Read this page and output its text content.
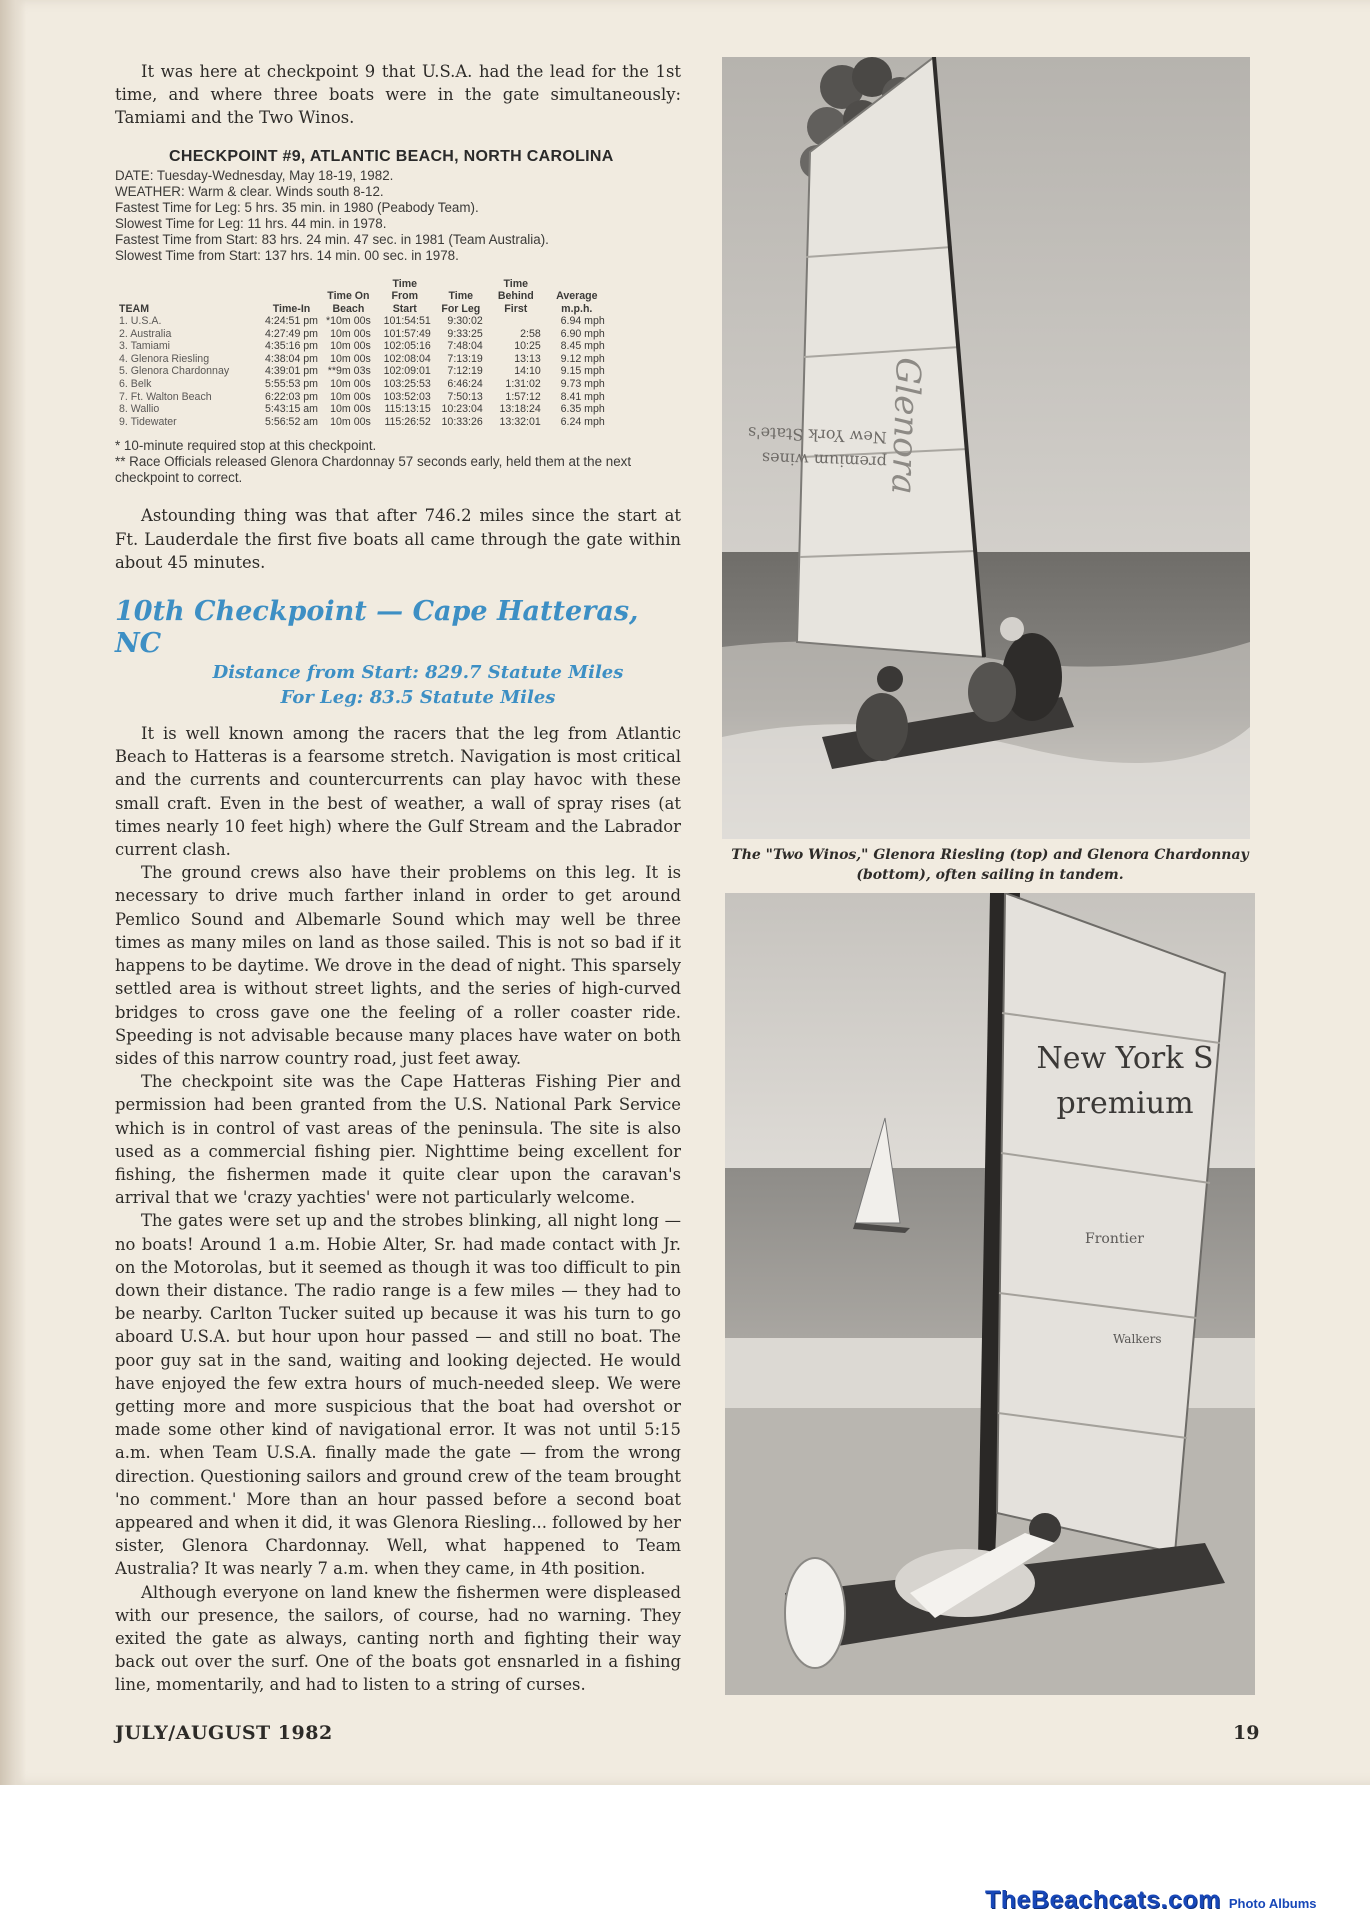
It was here at checkpoint 9 that U.S.A. had the lead for the 1st time, and where three boats were in the gate simultaneously: Tamiami and the Two Winos.

CHECKPOINT #9, ATLANTIC BEACH, NORTH CAROLINA
DATE: Tuesday-Wednesday, May 18-19, 1982.
WEATHER: Warm & clear. Winds south 8-12.
Fastest Time for Leg: 5 hrs. 35 min. in 1980 (Peabody Team).
Slowest Time for Leg: 11 hrs. 44 min. in 1978.
Fastest Time from Start: 83 hrs. 24 min. 47 sec. in 1981 (Team Australia).
Slowest Time from Start: 137 hrs. 14 min. 00 sec. in 1978.
TEAM	Time-In	Time On Beach	Time From Start	Time For Leg	Time Behind First	Average m.p.h.
1. U.S.A.	4:24:51 pm	*10m 00s	101:54:51	9:30:02		6.94 mph
2. Australia	4:27:49 pm	10m 00s	101:57:49	9:33:25	2:58	6.90 mph
3. Tamiami	4:35:16 pm	10m 00s	102:05:16	7:48:04	10:25	8.45 mph
4. Glenora Riesling	4:38:04 pm	10m 00s	102:08:04	7:13:19	13:13	9.12 mph
5. Glenora Chardonnay	4:39:01 pm	**9m 03s	102:09:01	7:12:19	14:10	9.15 mph
6. Belk	5:55:53 pm	10m 00s	103:25:53	6:46:24	1:31:02	9.73 mph
7. Ft. Walton Beach	6:22:03 pm	10m 00s	103:52:03	7:50:13	1:57:12	8.41 mph
8. Wallio	5:43:15 am	10m 00s	115:13:15	10:23:04	13:18:24	6.35 mph
9. Tidewater	5:56:52 am	10m 00s	115:26:52	10:33:26	13:32:01	6.24 mph
* 10-minute required stop at this checkpoint.
** Race Officials released Glenora Chardonnay 57 seconds early, held them at the next checkpoint to correct.

Astounding thing was that after 746.2 miles since the start at Ft. Lauderdale the first five boats all came through the gate within about 45 minutes.

10th Checkpoint — Cape Hatteras, NC
Distance from Start: 829.7 Statute Miles
For Leg: 83.5 Statute Miles

It is well known among the racers that the leg from Atlantic Beach to Hatteras is a fearsome stretch. Navigation is most critical and the currents and countercurrents can play havoc with these small craft. Even in the best of weather, a wall of spray rises (at times nearly 10 feet high) where the Gulf Stream and the Labrador current clash.

The ground crews also have their problems on this leg. It is necessary to drive much farther inland in order to get around Pemlico Sound and Albemarle Sound which may well be three times as many miles on land as those sailed. This is not so bad if it happens to be daytime. We drove in the dead of night. This sparsely settled area is without street lights, and the series of high-curved bridges to cross gave one the feeling of a roller coaster ride. Speeding is not advisable because many places have water on both sides of this narrow country road, just feet away.

The checkpoint site was the Cape Hatteras Fishing Pier and permission had been granted from the U.S. National Park Service which is in control of vast areas of the peninsula. The site is also used as a commercial fishing pier. Nighttime being excellent for fishing, the fishermen made it quite clear upon the caravan's arrival that we 'crazy yachties' were not particularly welcome.

The gates were set up and the strobes blinking, all night long — no boats! Around 1 a.m. Hobie Alter, Sr. had made contact with Jr. on the Motorolas, but it seemed as though it was too difficult to pin down their distance. The radio range is a few miles — they had to be nearby. Carlton Tucker suited up because it was his turn to go aboard U.S.A. but hour upon hour passed — and still no boat. The poor guy sat in the sand, waiting and looking dejected. He would have enjoyed the few extra hours of much-needed sleep. We were getting more and more suspicious that the boat had overshot or made some other kind of navigational error. It was not until 5:15 a.m. when Team U.S.A. finally made the gate — from the wrong direction. Questioning sailors and ground crew of the team brought 'no comment.' More than an hour passed before a second boat appeared and when it did, it was Glenora Riesling... followed by her sister, Glenora Chardonnay. Well, what happened to Team Australia? It was nearly 7 a.m. when they came, in 4th position.

Although everyone on land knew the fishermen were displeased with our presence, the sailors, of course, had no warning. They exited the gate as always, canting north and fighting their way back out over the surf. One of the boats got ensnarled in a fishing line, momentarily, and had to listen to a string of curses.

Glenora
New York State's
premium wines
The "Two Winos," Glenora Riesling (top) and Glenora Chardonnay (bottom), often sailing in tandem.
New York S
premium
Frontier
Walkers
JULY/AUGUST 1982	19
TheBeachcats.com Photo Albums
